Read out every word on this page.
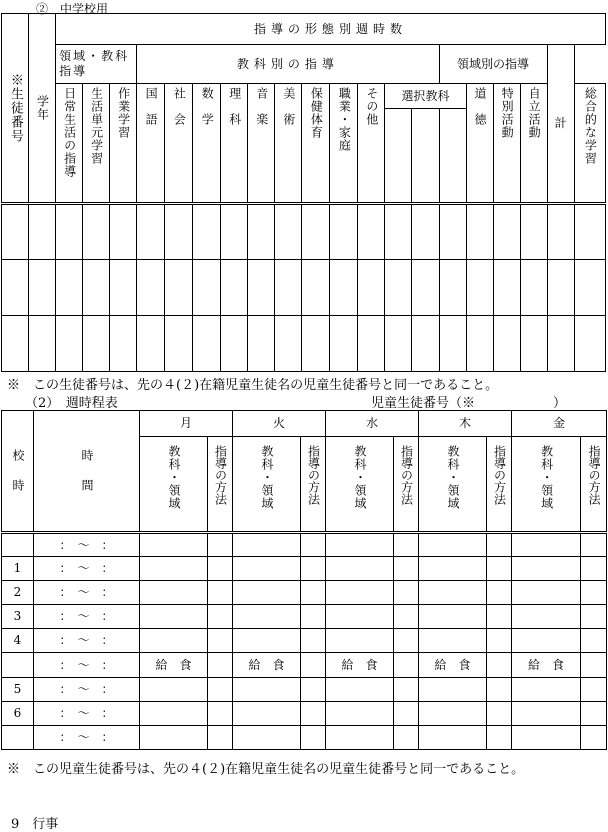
②　中学校用
※生徒番号	学年	指導の形態別週時数																			
		領域・教科指導			教科別の指導											領域別の指導				計	

		日常生活の指導	生活単元学習	作業学習	国　語	社　会	数　学	理　科	音　楽	美　術	保健体育	職業・家庭	その他	選択教科			道　徳	特別活動	自立活動		総合的な学習

※　この生徒番号は、先の４(２)在籍児童生徒名の児童生徒番号と同一であること。
（2）　週時程表	児童生徒番号（※　　　　　　）
校　時	時　間	月		火		水		木		金	

		教科・領域	指導の方法	教科・領域	指導の方法	教科・領域	指導の方法	教科・領域	指導の方法	教科・領域	指導の方法

	：　〜　：										
1	：　〜　：										
2	：　〜　：										
3	：　〜　：										
4	：　〜　：										
	：　〜　：	給　食		給　食		給　食		給　食		給　食	
5	：　〜　：										
6	：　〜　：										
	：　〜　：										
※　この児童生徒番号は、先の４(２)在籍児童生徒名の児童生徒番号と同一であること。
9　行事
